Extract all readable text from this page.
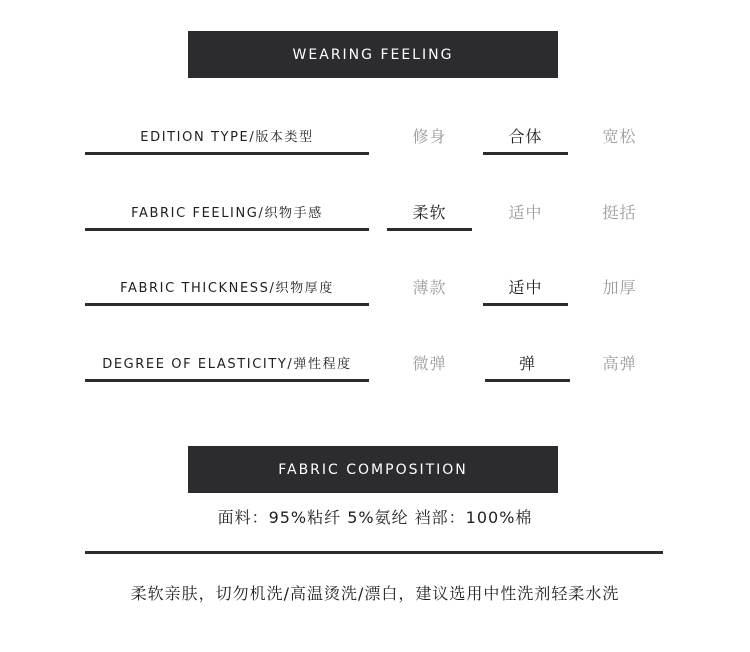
WEARING FEELING
EDITION TYPE/版本类型	修身	合体	宽松
FABRIC FEELING/织物手感	柔软	适中	挺括
FABRIC THICKNESS/织物厚度	薄款	适中	加厚
DEGREE OF ELASTICITY/弹性程度	微弹	弹	高弹
FABRIC COMPOSITION
面料：95%粘纤 5%氨纶 裆部：100%棉
柔软亲肤，切勿机洗/高温烫洗/漂白，建议选用中性洗剂轻柔水洗
